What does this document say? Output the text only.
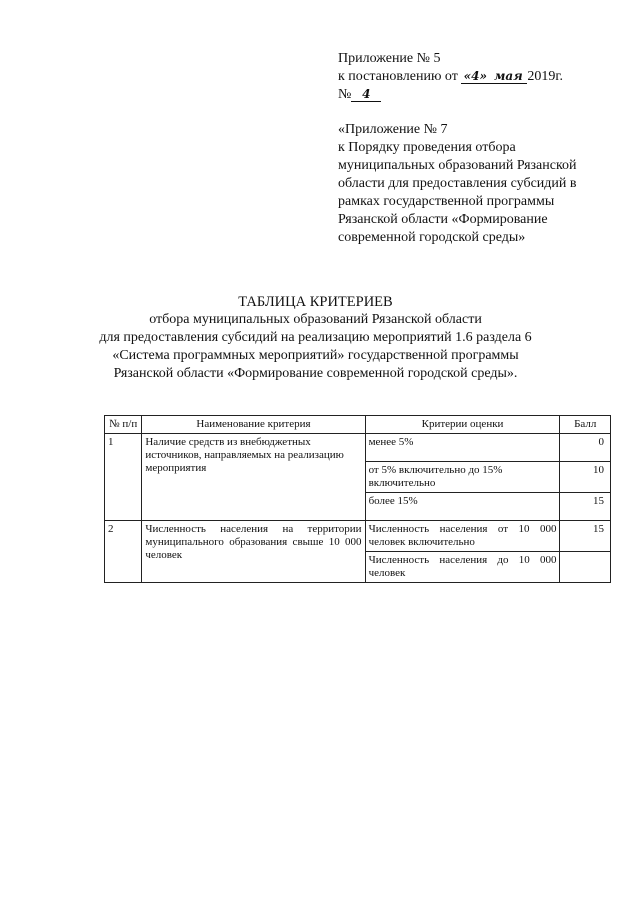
Приложение № 5
к постановлению от «4» мая 2019г.
№ 4
«Приложение № 7
к Порядку проведения отбора
муниципальных образований Рязанской
области для предоставления субсидий в
рамках государственной программы
Рязанской области «Формирование
современной городской среды»
ТАБЛИЦА КРИТЕРИЕВ
отбора муниципальных образований Рязанской области
для предоставления субсидий на реализацию мероприятий 1.6 раздела 6
«Система программных мероприятий» государственной программы
Рязанской области «Формирование современной городской среды».
№ п/п	Наименование критерия	Критерии оценки	Балл
1	Наличие средств из внебюджетных источников, направляемых на реализацию мероприятия	менее 5%	0
		от 5% включительно до 15% включительно	10
		более 15%	15
2	Численность населения на территории муниципального образования свыше 10 000 человек	Численность населения от 10 000 человек включительно	15
		Численность населения до 10 000 человек	
